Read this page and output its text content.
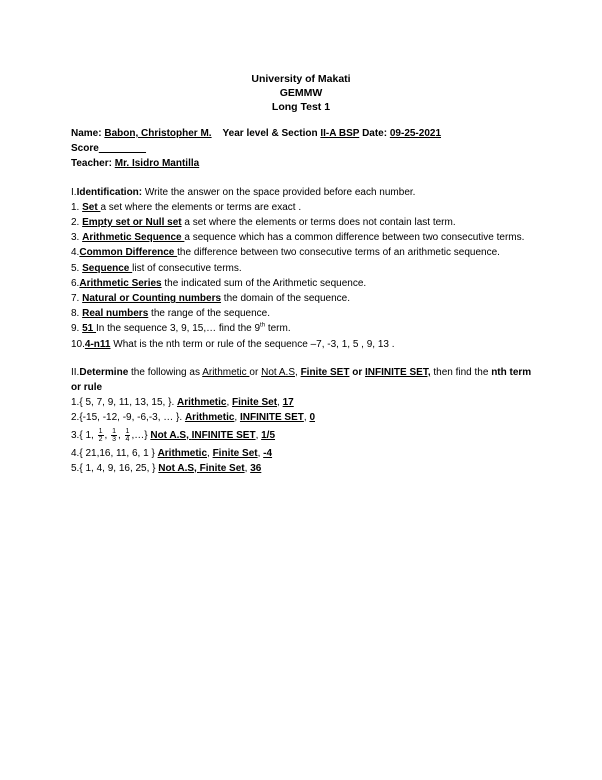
University of Makati
GEMMW
Long Test 1
Name: Babon, Christopher M. Year level & Section II-A BSP Date: 09-25-2021
Score
Teacher: Mr. Isidro Mantilla
I.Identification: Write the answer on the space provided before each number.
1. Set a set where the elements or terms are exact .
2. Empty set or Null set a set where the elements or terms does not contain last term.
3. Arithmetic Sequence a sequence which has a common difference between two consecutive terms.
4.Common Difference the difference between two consecutive terms of an arithmetic sequence.
5. Sequence list of consecutive terms.
6.Arithmetic Series the indicated sum of the Arithmetic sequence.
7. Natural or Counting numbers the domain of the sequence.
8. Real numbers the range of the sequence.
9. 51 In the sequence 3, 9, 15,… find the 9th term.
10.4-n11 What is the nth term or rule of the sequence –7, -3, 1, 5 , 9, 13 .
II.Determine the following as Arithmetic or Not A.S, Finite SET or INFINITE SET, then find the nth term or rule
1.{ 5, 7, 9, 11, 13, 15, }. Arithmetic, Finite Set, 17
2.{-15, -12, -9, -6,-3, … }. Arithmetic, INFINITE SET, 0
3.{ 1, $\frac{1}{2}$ , $\frac{1}{3}$ , $\frac{1}{4}$ ,…} Not A.S, INFINITE SET, 1/5
4.{ 21,16, 11, 6, 1 } Arithmetic, Finite Set, -4
5.{ 1, 4, 9, 16, 25, } Not A.S, Finite Set, 36
